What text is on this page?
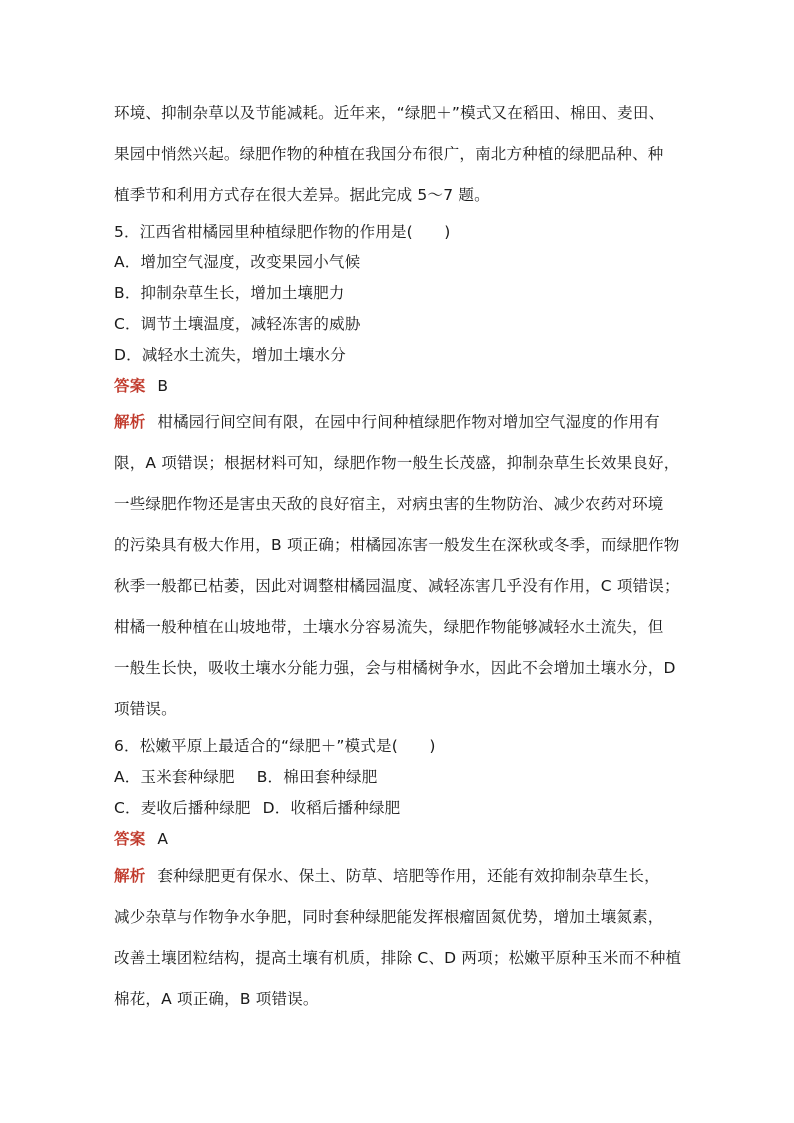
环境、抑制杂草以及节能减耗。近年来，“绿肥＋”模式又在稻田、棉田、麦田、
果园中悄然兴起。绿肥作物的种植在我国分布很广，南北方种植的绿肥品种、种
植季节和利用方式存在很大差异。据此完成 5～7 题。
5．江西省柑橘园里种植绿肥作物的作用是(　　)
A．增加空气湿度，改变果园小气候
B．抑制杂草生长，增加土壤肥力
C．调节土壤温度，减轻冻害的威胁
D．减轻水土流失，增加土壤水分
答案 B
解析 柑橘园行间空间有限，在园中行间种植绿肥作物对增加空气湿度的作用有
限，A 项错误；根据材料可知，绿肥作物一般生长茂盛，抑制杂草生长效果良好，
一些绿肥作物还是害虫天敌的良好宿主，对病虫害的生物防治、减少农药对环境
的污染具有极大作用，B 项正确；柑橘园冻害一般发生在深秋或冬季，而绿肥作物
秋季一般都已枯萎，因此对调整柑橘园温度、减轻冻害几乎没有作用，C 项错误；
柑橘一般种植在山坡地带，土壤水分容易流失，绿肥作物能够减轻水土流失，但
一般生长快，吸收土壤水分能力强，会与柑橘树争水，因此不会增加土壤水分，D
项错误。
6．松嫩平原上最适合的“绿肥＋”模式是(　　)
A．玉米套种绿肥 B．棉田套种绿肥
C．麦收后播种绿肥 D．收稻后播种绿肥
答案 A
解析 套种绿肥更有保水、保土、防草、培肥等作用，还能有效抑制杂草生长，
减少杂草与作物争水争肥，同时套种绿肥能发挥根瘤固氮优势，增加土壤氮素，
改善土壤团粒结构，提高土壤有机质，排除 C、D 两项；松嫩平原种玉米而不种植
棉花，A 项正确，B 项错误。
